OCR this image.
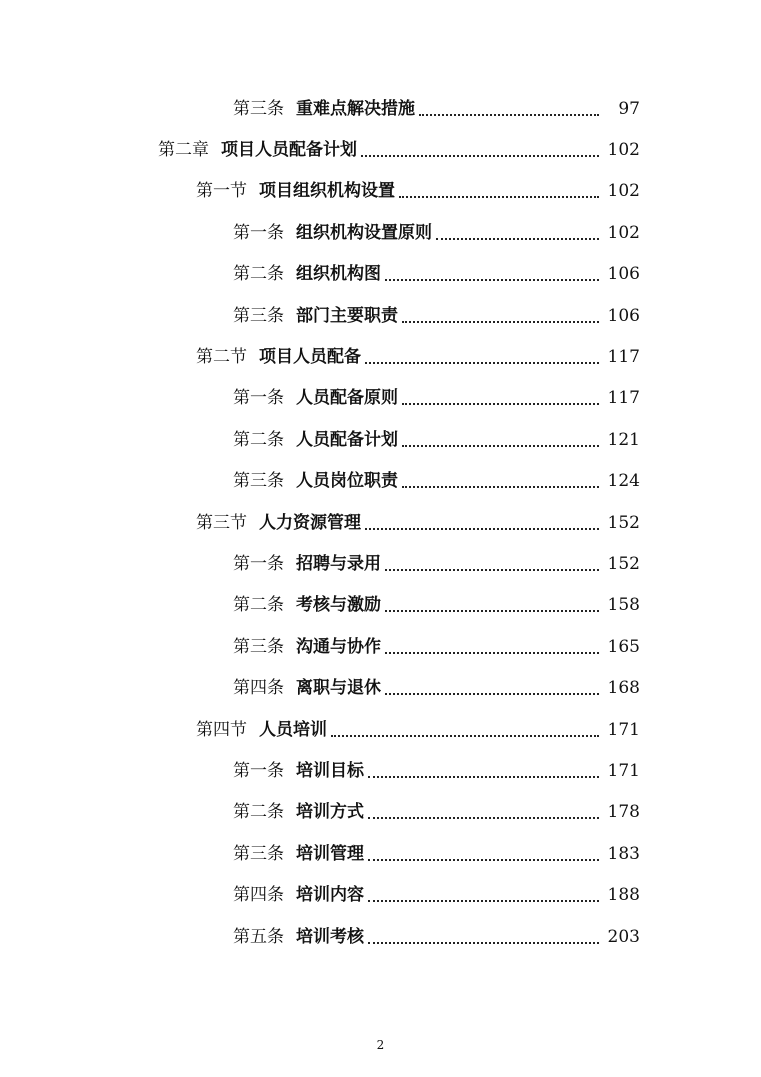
第三条 重难点解决措施	97
第二章 项目人员配备计划	102
第一节 项目组织机构设置	102
第一条 组织机构设置原则	102
第二条 组织机构图	106
第三条 部门主要职责	106
第二节 项目人员配备	117
第一条 人员配备原则	117
第二条 人员配备计划	121
第三条 人员岗位职责	124
第三节 人力资源管理	152
第一条 招聘与录用	152
第二条 考核与激励	158
第三条 沟通与协作	165
第四条 离职与退休	168
第四节 人员培训	171
第一条 培训目标	171
第二条 培训方式	178
第三条 培训管理	183
第四条 培训内容	188
第五条 培训考核	203
2
